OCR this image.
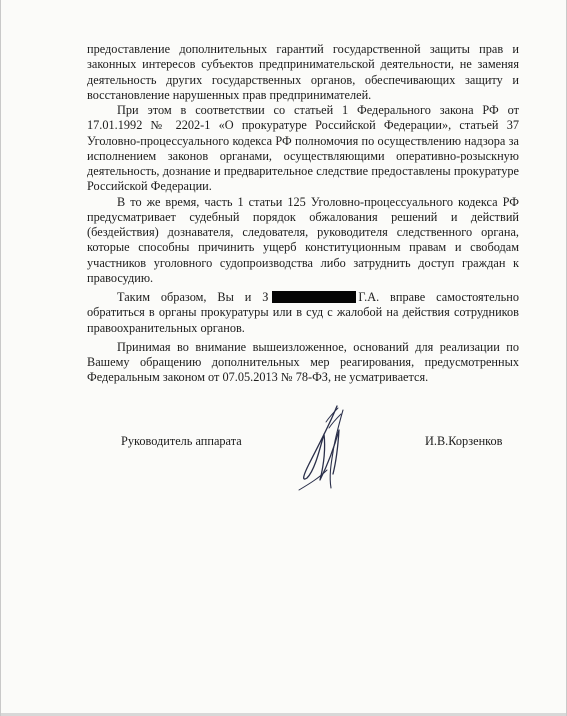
предоставление дополнительных гарантий государственной защиты прав и законных интересов субъектов предпринимательской деятельности, не заменяя деятельность других государственных органов, обеспечивающих защиту и восстановление нарушенных прав предпринимателей.

При этом в соответствии со статьей 1 Федерального закона РФ от 17.01.1992 № 2202-1 «О прокуратуре Российской Федерации», статьей 37 Уголовно-процессуального кодекса РФ полномочия по осуществлению надзора за исполнением законов органами, осуществляющими оперативно-розыскную деятельность, дознание и предварительное следствие предоставлены прокуратуре Российской Федерации.

В то же время, часть 1 статьи 125 Уголовно-процессуального кодекса РФ предусматривает судебный порядок обжалования решений и действий (бездействия) дознавателя, следователя, руководителя следственного органа, которые способны причинить ущерб конституционным правам и свободам участников уголовного судопроизводства либо затруднить доступ граждан к правосудию.

Таким образом, Вы и З	Г.А. вправе самостоятельно обратиться в органы прокуратуры или в суд с жалобой на действия сотрудников правоохранительных органов.

Принимая во внимание вышеизложенное, оснований для реализации по Вашему обращению дополнительных мер реагирования, предусмотренных Федеральным законом от 07.05.2013 № 78-ФЗ, не усматривается.

Руководитель аппарата	И.В.Корзенков
